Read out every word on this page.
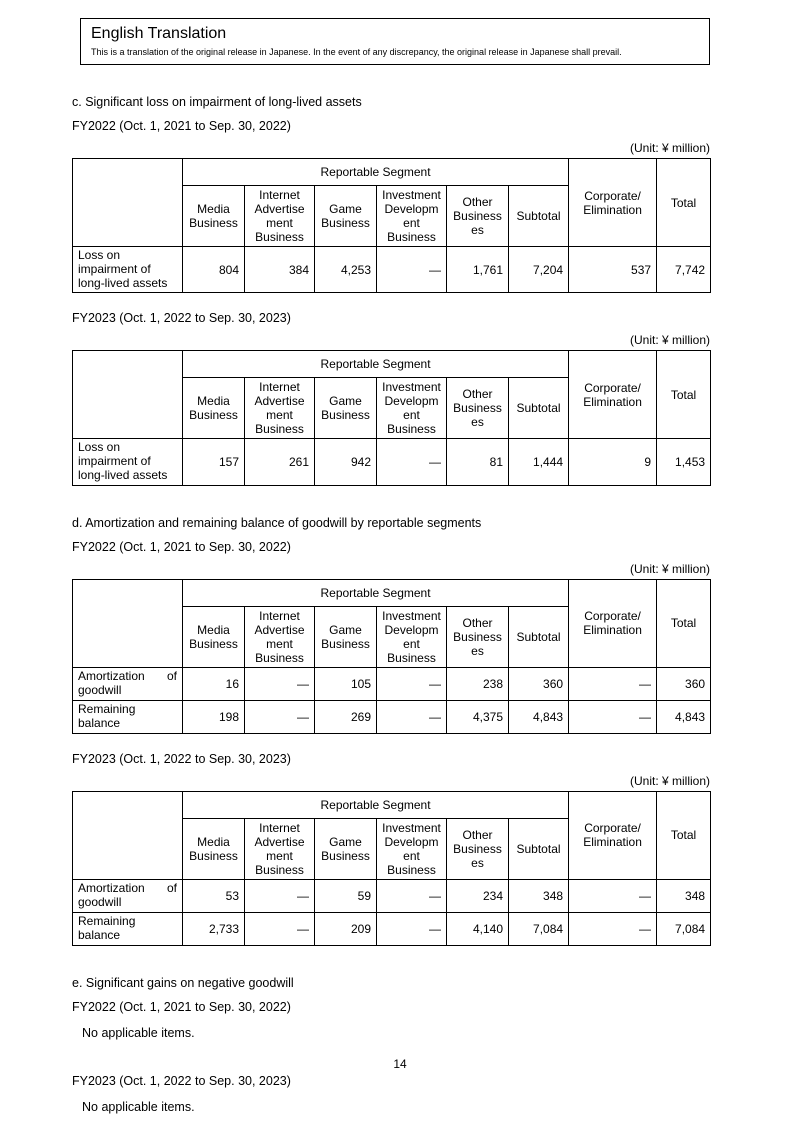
English Translation
This is a translation of the original release in Japanese. In the event of any discrepancy, the original release in Japanese shall prevail.
c. Significant loss on impairment of long-lived assets
FY2022 (Oct. 1, 2021 to Sep. 30, 2022)
(Unit: ¥ million)
	Reportable Segment						Corporate/ Elimination	Total
	Media Business	Internet Advertisement Business	Game Business	Investment Development Business	Other Businesses	Subtotal		
Loss on impairment of long-lived assets	804	384	4,253	—	1,761	7,204	537	7,742
FY2023 (Oct. 1, 2022 to Sep. 30, 2023)
(Unit: ¥ million)
	Reportable Segment						Corporate/ Elimination	Total
	Media Business	Internet Advertisement Business	Game Business	Investment Development Business	Other Businesses	Subtotal		
Loss on impairment of long-lived assets	157	261	942	—	81	1,444	9	1,453
d. Amortization and remaining balance of goodwill by reportable segments
FY2022 (Oct. 1, 2021 to Sep. 30, 2022)
(Unit: ¥ million)
	Reportable Segment						Corporate/ Elimination	Total
	Media Business	Internet Advertisement Business	Game Business	Investment Development Business	Other Businesses	Subtotal		
Amortization of goodwill	16	—	105	—	238	360	—	360
Remaining balance	198	—	269	—	4,375	4,843	—	4,843
FY2023 (Oct. 1, 2022 to Sep. 30, 2023)
(Unit: ¥ million)
	Reportable Segment						Corporate/ Elimination	Total
	Media Business	Internet Advertisement Business	Game Business	Investment Development Business	Other Businesses	Subtotal		
Amortization of goodwill	53	—	59	—	234	348	—	348
Remaining balance	2,733	—	209	—	4,140	7,084	—	7,084
e. Significant gains on negative goodwill
FY2022 (Oct. 1, 2021 to Sep. 30, 2022)
No applicable items.
FY2023 (Oct. 1, 2022 to Sep. 30, 2023)
No applicable items.
14
